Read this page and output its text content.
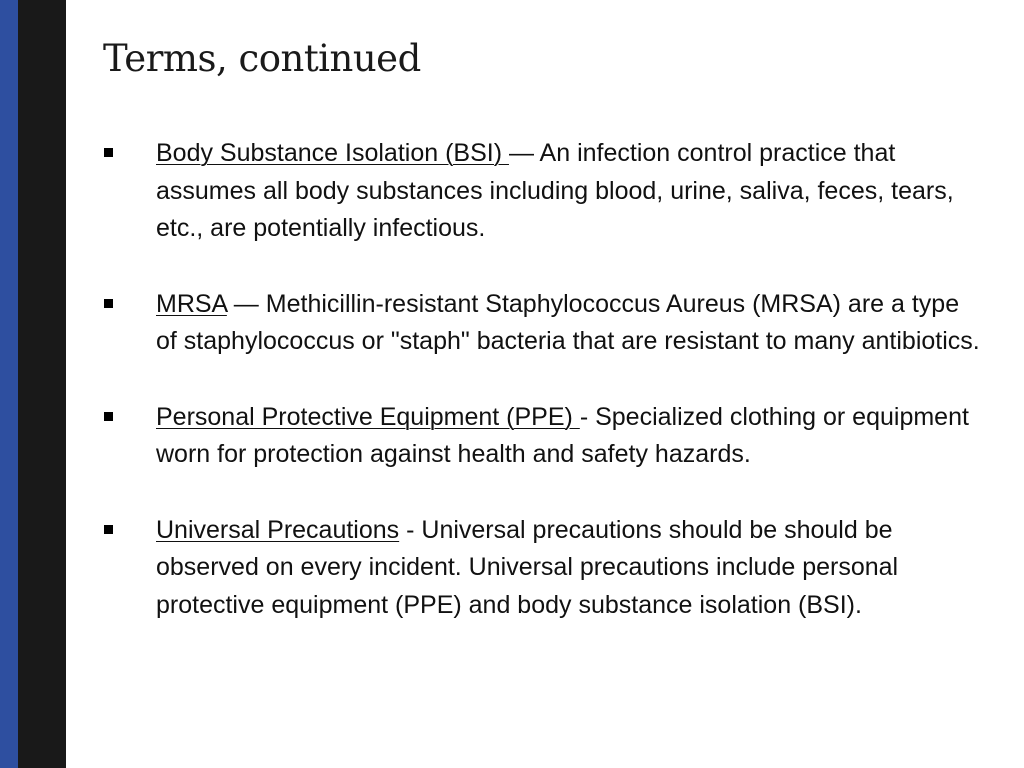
Terms, continued
Body Substance Isolation (BSI) — An infection control practice that assumes all body substances including blood, urine, saliva, feces, tears, etc., are potentially infectious.
MRSA — Methicillin-resistant Staphylococcus Aureus (MRSA) are a type of staphylococcus or "staph" bacteria that are resistant to many antibiotics.
Personal Protective Equipment (PPE) - Specialized clothing or equipment worn for protection against health and safety hazards.
Universal Precautions - Universal precautions should be should be observed on every incident. Universal precautions include personal protective equipment (PPE) and body substance isolation (BSI).
